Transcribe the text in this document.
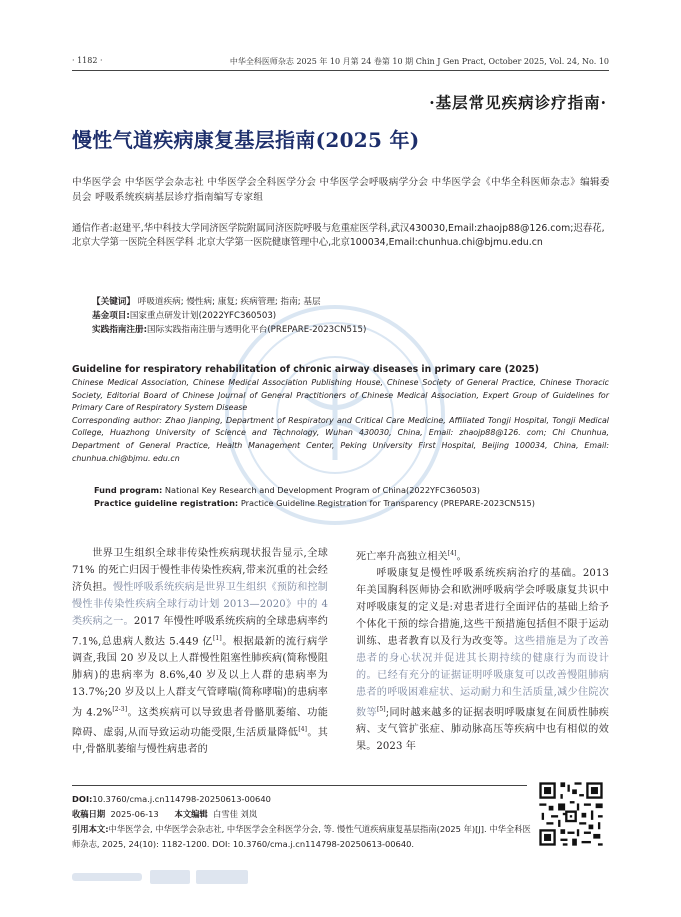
· 1182 ·	中华全科医师杂志 2025 年 10 月第 24 卷第 10 期 Chin J Gen Pract, October 2025, Vol. 24, No. 10
·基层常见疾病诊疗指南·
慢性气道疾病康复基层指南(2025 年)
中华医学会 中华医学会杂志社 中华医学会全科医学分会 中华医学会呼吸病学分会 中华医学会《中华全科医师杂志》编辑委员会 呼吸系统疾病基层诊疗指南编写专家组
通信作者:赵建平,华中科技大学同济医学院附属同济医院呼吸与危重症医学科,武汉430030,Email:zhaojp88@126.com;迟春花,北京大学第一医院全科医学科 北京大学第一医院健康管理中心,北京100034,Email:chunhua.chi@bjmu.edu.cn
【关键词】 呼吸道疾病; 慢性病; 康复; 疾病管理; 指南; 基层
基金项目:国家重点研发计划(2022YFC360503)
实践指南注册:国际实践指南注册与透明化平台(PREPARE-2023CN515)
Guideline for respiratory rehabilitation of chronic airway diseases in primary care (2025)
Chinese Medical Association, Chinese Medical Association Publishing House, Chinese Society of General Practice, Chinese Thoracic Society, Editorial Board of Chinese Journal of General Practitioners of Chinese Medical Association, Expert Group of Guidelines for Primary Care of Respiratory System Disease
Corresponding author: Zhao Jianping, Department of Respiratory and Critical Care Medicine, Affiliated Tongji Hospital, Tongji Medical College, Huazhong University of Science and Technology, Wuhan 430030, China, Email: zhaojp88@126. com; Chi Chunhua, Department of General Practice, Health Management Center, Peking University First Hospital, Beijing 100034, China, Email: chunhua.chi@bjmu. edu.cn
Fund program: National Key Research and Development Program of China(2022YFC360503)
Practice guideline registration: Practice Guideline Registration for Transparency (PREPARE-2023CN515)

世界卫生组织全球非传染性疾病现状报告显示,全球 71% 的死亡归因于慢性非传染性疾病,带来沉重的社会经济负担。慢性呼吸系统疾病是世界卫生组织《预防和控制慢性非传染性疾病全球行动计划 2013—2020》中的 4 类疾病之一。2017 年慢性呼吸系统疾病的全球患病率约 7.1%,总患病人数达 5.449 亿[1]。根据最新的流行病学调查,我国 20 岁及以上人群慢性阻塞性肺疾病(简称慢阻肺病)的患病率为 8.6%,40 岁及以上人群的患病率为 13.7%;20 岁及以上人群支气管哮喘(简称哮喘)的患病率为 4.2%[2-3]。这类疾病可以导致患者骨骼肌萎缩、功能障碍、虚弱,从而导致运动功能受限,生活质量降低[4]。其中,骨骼肌萎缩与慢性病患者的

死亡率升高独立相关[4]。

呼吸康复是慢性呼吸系统疾病治疗的基础。2013 年美国胸科医师协会和欧洲呼吸病学会呼吸康复共识中对呼吸康复的定义是:对患者进行全面评估的基础上给予个体化干预的综合措施,这些干预措施包括但不限于运动训练、患者教育以及行为改变等。这些措施是为了改善患者的身心状况并促进其长期持续的健康行为而设计的。已经有充分的证据证明呼吸康复可以改善慢阻肺病患者的呼吸困难症状、运动耐力和生活质量,减少住院次数等[5];同时越来越多的证据表明呼吸康复在间质性肺疾病、支气管扩张症、肺动脉高压等疾病中也有相似的效果。2023 年

DOI:10.3760/cma.j.cn114798-20250613-00640
收稿日期 2025-06-13 本文编辑 白雪佳 刘岚
引用本文:中华医学会, 中华医学会杂志社, 中华医学会全科医学分会, 等. 慢性气道疾病康复基层指南(2025 年)[J]. 中华全科医师杂志, 2025, 24(10): 1182-1200. DOI: 10.3760/cma.j.cn114798-20250613-00640.
